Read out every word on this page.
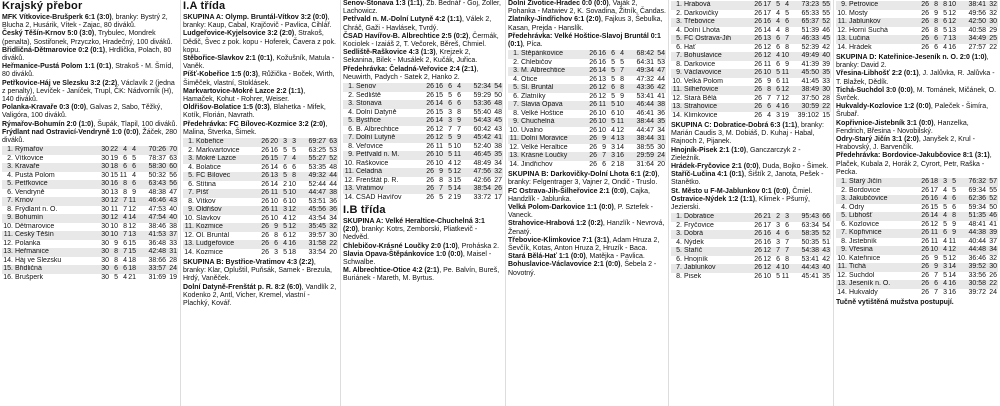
Krajský přebor

MFK Vítkovice-Brušperk 6:1 (3:0), branky: Bystrý 2, Blucha 2, Husárik, Vítek - Zajac, 80 diváků.

Český Těšín-Krnov 5:0 (3:0), Trybulec, Mondrek (penalta), Sostiřonek, Przyczko, Hradečný, 100 diváků.

Břidličná-Dětmarovice 0:2 (0:1), Hrdlička, Polach, 80 diváků.

Heřmanice-Pustá Polom 1:1 (0:1), Strakoš - M. Šmíd, 80 diváků.

Petřkovice-Háj ve Slezsku 3:2 (2:2), Václavík 2 (jedna z penalty), Levíček - Janíček, Trupl, ČK: Nádvorník (H), 140 diváků.

Polanka-Kravaře 0:3 (0:0), Galvas 2, Sabo, Těžký, Valigóra, 100 diváků.

Rýmařov-Bohumín 2:0 (1:0), Šupák, Tlapil, 100 diváků.

Frýdlant nad Ostravicí-Vendryně 1:0 (0:0), Žáček, 280 diváků.

1. Rýmařov	30 22 4 4	70:26 70
2. Vítkovice	30 19 6 5	78:37 63
3. Kravaře	30 18 6 6	58:30 60
4. Pustá Polom	30 15 11 4	50:32 56
5. Petřkovice	30 16 8 6	63:43 56
6. Vendryně	30 13 8 9	48:38 47
7. Krnov	30 12 7 11	46:46 43
8. Frýdlant n. O.	30 11 7 12	47:53 40
9. Bohumín	30 12 4 14	47:54 40
10. Dětmarovice	30 10 8 12	38:46 38
11. Český Těšín	30 10 7 13	41:53 37
12. Polanka	30 9 6 15	36:48 33
13. Heřmanice	30 8 7 15	42:48 31
14. Háj ve Slezsku	30 8 4 18	38:66 28
15. Břidličná	30 6 6 18	33:57 24
16. Brušperk	30 5 4 21	31:69 19
I.A třída

SKUPINA A: Olymp. Bruntál-Vítkov 3:2 (0:0), branky: Kaup, Cabal, Krajčovič - Pavlica, Cihlář.

Ludgeřovice-Kyjelsovice 3:2 (2:0), Strakoš, Dědič, Švec z pok. kopu - Hoferek, Čavera z pok. kopu.

Stěbořice-Slavkov 2:1 (0:1), Kožušník, Matula - Vaněk.

Píšť-Kobeřice 1:5 (0:3), Růžička - Boček, Wirth, Šiměček, vlastní, Stoklásek.

Markvartovice-Mokré Lazce 2:2 (1:1), Hamaček, Kohut - Rohrer, Weiser.

Oldřišov-Bolatice 1:5 (0:3), Blahetka - Mifek, Kotík, Florián, Navrath.

Předehrávka: FC Bílovec-Kozmice 3:2 (2:0), Malina, Štverka, Šimek.

1. Kobeřice	26 20 3 3	69:27 63
2. Markvartovice	26 16 5 5	63:25 53
3. Mokré Lazce	26 15 7 4	55:27 52
4. Bolatice	26 14 6 6	53:35 48
5. FC Bílovec	26 13 5 8	49:32 44
6. Štítina	26 14 2 10	52:44 44
7. Píšť	26 11 5 10	44:47 38
8. Vítkov	26 10 6 10	53:51 36
9. Oldřišov	26 11 3 12	45:56 36
10. Slavkov	26 10 4 12	43:54 34
11. Kozmice	26 9 5 12	35:45 32
12. Ol. Bruntál	26 8 6 12	39:57 30
13. Ludgeřovice	26 6 4 16	31:58 22
14. Kozmice	26 3 5 18	33:54 20

SKUPINA B: Bystřice-Vratimov 4:3 (2:2), branky: Klar, Opluštil, Puňsák, Samek - Brezula, Hrdý, Vaněček.

Dolní Datyně-Frenštát p. R. 8:2 (6:0), Vandlík 2, Kodenko 2, Antl, Vicher, Kremel, vlastní - Plachký, Kovář.

Šenov-Stonava 1:3 (1:1), Zb. Bednář - Goj, Zoller, Lachowicz.

Petřvald n. M.-Dolní Lutyně 4:2 (1:1), Válek 2, Chráč, Gaži - Havlásek, Tvrdý.

ČSAD Havířov-B. Albrechtice 2:5 (0:2), Čermák, Kociolek - Izaiáš 2, T. Večorek, Běreš, Chmiel.

Sedliště-Raškovice 4:3 (1:3), Krejzek 2, Sekanina, Bilek - Musálek 2, Kučák, Juřica.

Předehrávka: Čeladná-Veřovice 2:4 (2:1), Neuwirth, Padych - Satek 2, Hanko 2.

1. Šenov	26 16 6 4	52:34 54
2. Sedliště	26 15 5 6	59:29 50
3. Stonava	26 14 6 6	53:36 48
4. Dolní Datyně	26 15 3 8	55:40 48
5. Bystřice	26 14 3 9	54:43 45
6. B. Albrechtice	26 12 7 7	60:42 43
7. Dolní Lutyně	26 12 5 9	45:42 41
8. Veřovice	26 11 5 10	52:40 38
9. Petřvald n. M.	26 10 5 11	46:45 35
10. Raškovice	26 10 4 12	48:49 34
11. Čeladná	26 9 5 12	47:56 32
12. Frenštát p. R.	26 8 3 15	42:66 27
13. Vratimov	26 7 5 14	38:54 26
14. ČSAD Havířov	26 5 2 19	33:72 17
I.B třída

SKUPINA A: Velké Heraltice-Chuchelná 3:1 (2:0), branky: Kotrs, Zemborski, Pliatkevič - Nedvěd.

Chlebičov-Krásné Loučky 2:0 (1:0), Proháska 2.

Slavia Opava-Štěpánkovice 1:0 (0:0), Maisel - Schwalbe.

M. Albrechtice-Otice 4:2 (2:1), Pe. Balvín, Bureš, Buriánek - Mareth, M. Byrtus.

Dolní Životice-Hradec 0:0 (0:0), Vaják 2, Pohanka - Matwiev 2, K. Sovadina, Žitník, Čandas.

Zlatníky-Jindřichov 6:1 (2:0), Fajkus 3, Šebulka, Kasan, Prejda - Hanslík.

Předehrávka: Velké Hoštice-Slavoj Bruntál 0:1 (0:1), Píca.

1. Štěpánkovice	26 16 6 4	68:42 54
2. Chlebičov	26 16 5 5	64:31 53
3. M. Albrechtice	26 14 5 7	49:34 47
4. Otice	26 13 5 8	47:32 44
5. Sl. Bruntál	26 12 6 8	43:36 42
6. Zlatníky	26 12 5 9	53:41 41
7. Slavia Opava	26 11 5 10	46:44 38
8. Velké Hoštice	26 10 6 10	46:41 36
9. Chuchelná	26 10 5 11	38:44 35
10. Úvalno	26 10 4 12	44:47 34
11. Dolní Moravice	26 9 4 13	38:44 31
12. Velké Heraltice	26 9 3 14	38:55 30
13. Krásné Loučky	26 7 3 16	29:59 24
14. Jindřichov	26 6 2 18	31:64 20

SKUPINA B: Darkovičky-Dolní Lhota 6:1 (2:0), branky: Felgentrager 3, Vajner 2, Ondič - Truslo.

FC Ostrava-Jih-Šilheřovice 2:1 (0:0), Cajka, Handzlík - Jablunka.

Velká Polom-Darkovice 1:1 (0:0), P. Sztefek - Vaneck.

Strahovice-Hrabová 1:2 (0:2), Hanzlík - Nevrová, Ženatý.

Třebovice-Klimkovice 7:1 (3:1), Adam Hruza 2, Ševčík, Kotas, Anton Hruza 2, Hruzík - Baca.

Stará Bělá-Hať 1:1 (0:0), Matějka - Pavlica.

Bohuslavice-Václavovice 2:1 (0:0), Šebela 2 - Novotný.

1. Hrabová	26 17 5 4	73:23 55
2. Darkovičky	26 17 4 5	65:33 55
3. Třebovice	26 16 4 6	65:37 52
4. Dolní Lhota	26 14 4 8	51:39 46
5. FC Ostrava-Jih	26 13 6 7	46:33 45
6. Hať	26 12 6 8	52:39 42
7. Bohuslavice	26 12 4 10	49:49 40
8. Darkovice	26 11 6 9	41:39 39
9. Václavovice	26 10 5 11	45:50 35
10. Velká Polom	26 9 6 11	41:45 33
11. Šilheřovice	26 8 6 12	38:49 30
12. Stará Bělá	26 7 7 12	37:50 28
13. Strahovice	26 6 4 16	30:59 22
14. Klimkovice	26 4 3 19	39:102 15

SKUPINA C: Dobratice-Dobrá 6:3 (1:1), branky: Marián Caudis 3, M. Dobiáš, D. Kuhaj - Habal, Rajnoch 2, Pijanek.

Hnojník-Pisek 2:1 (1:0), Ganczarczyk 2 - Zieleźnik.

Hrádek-Fryčovice 2:1 (0:0), Duda, Bojko - Šimek.

Staříč-Lučina 4:1 (0:1), Šištík 2, Janota, Pešek - Stanětko.

St. Město u F-M-Jablunkov 0:1 (0:0), Čmiel.

Ostravice-Nýdek 1:2 (1:1), Klimek - Pšurný, Jezierski.

1. Dobratice	26 21 2 3	95:43 66
2. Fryčovice	26 17 3 6	63:34 54
3. Dobrá	26 16 4 6	58:35 52
4. Nýdek	26 16 3 7	50:35 51
5. Staříč	26 12 7 7	54:38 43
6. Hnojník	26 12 6 8	53:41 42
7. Jablunkov	26 12 4 10	44:43 40
8. Pisek	26 10 5 11	45:41 35
9. Petrovice	26 8 8 10	38:41 32
10. Mosty	26 9 5 12	49:56 32
11. Jablunkov	26 8 6 12	42:50 30
12. Horní Suchá	26 8 5 13	40:58 29
13. Lučina	26 6 7 13	34:49 25
14. Hrádek	26 6 4 16	27:57 22

SKUPINA D: Kateřinice-Jeseník n. O. 2:0 (1:0), branky: David 2.

Vřesina-Libhošť 2:2 (0:1), J. Jalůvka, R. Jalůvka - T. Blažek, Dědík.

Tichá-Suchdol 3:0 (0:0), M. Tománek, Mičánek, O. Švrček.

Hukvaldy-Kozlovice 1:2 (0:0), Paleček - Šimíra, Šrubař.

Kopřivnice-Jistebník 3:1 (0:0), Hanzelka, Fendrich, Břesina - Novobilský.

Odry-Starý Jičín 3:1 (2:0), Janyšek 2, Krul - Hrabovský, J. Barvenčík.

Předehrávka: Bordovice-Jakubčovice 8:1 (3:1), Plaček, Kubala 2, Horák 2, Cyrort, Petr, Raška - Pecka.

1. Starý Jičín	26 18 3 5	76:32 57
2. Bordovice	26 17 4 5	69:34 55
3. Jakubčovice	26 16 4 6	62:36 52
4. Odry	26 15 5 6	59:34 50
5. Libhošť	26 14 4 8	51:35 46
6. Kozlovice	26 12 5 9	48:41 41
7. Kopřivnice	26 11 6 9	44:38 39
8. Jistebník	26 11 4 11	40:44 37
9. Vřesina	26 10 4 12	44:48 34
10. Kateřinice	26 9 5 12	36:46 32
11. Tichá	26 9 3 14	39:52 30
12. Suchdol	26 7 5 14	33:56 26
13. Jeseník n. O.	26 6 4 16	30:58 22
14. Hukvaldy	26 7 3 16	39:72 24
Tučně vytištěná mužstva postupují.
